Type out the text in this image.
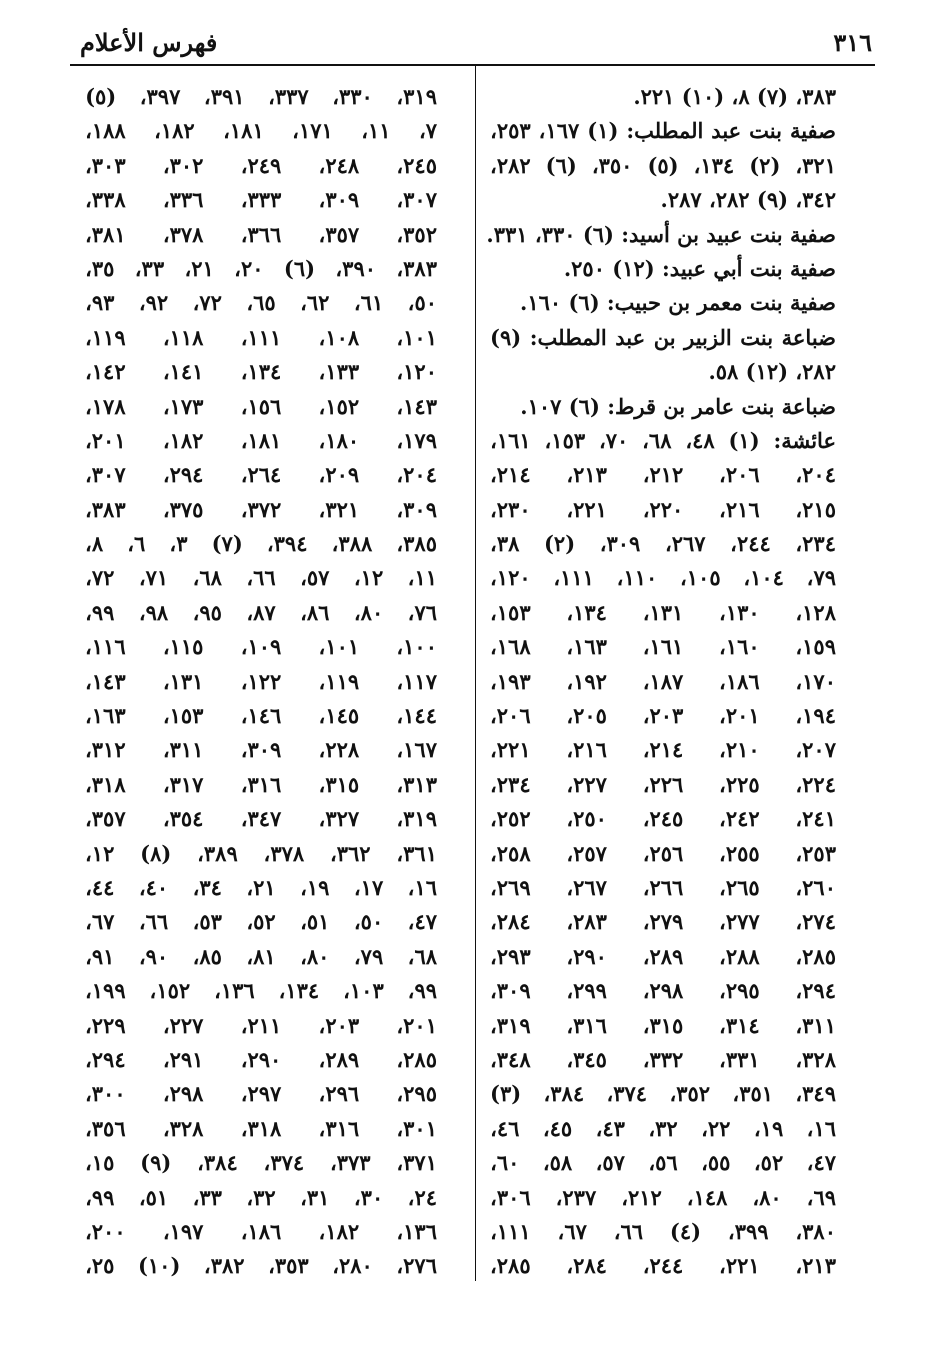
٣١٦
فهرس الأعلام
٣٨٣، (٧) ٨، (١٠) ٢٢١.
صفية
بنت
عبد
المطلب:
(١)
١٦٧،
٢٥٣،
٣٢١،
(٢)
١٣٤،
(٥)
٣٥٠،
(٦)
٢٨٢،
٣٤٢، (٩) ٢٨٢، ٢٨٧.
صفية بنت عبيد بن أسيد: (٦) ٣٣٠، ٣٣١.
صفية بنت أبي عبيد: (١٢) ٢٥٠.
صفية بنت معمر بن حبيب: (٦) ١٦٠.
ضباعة
بنت
الزبير
بن
عبد
المطلب:
(٩)
٢٨٢، (١٢) ٥٨.
ضباعة بنت عامر بن قرط: (٦) ١٠٧.
عائشة:
(١)
٤٨،
٦٨،
٧٠،
١٥٣،
١٦١،
٢٠٤،
٢٠٦،
٢١٢،
٢١٣،
٢١٤،
٢١٥،
٢١٦،
٢٢٠،
٢٢١،
٢٣٠،
٢٣٤،
٢٤٤،
٢٦٧،
٣٠٩،
(٢)
٣٨،
٧٩،
١٠٤،
١٠٥،
١١٠،
١١١،
١٢٠،
١٢٨،
١٣٠،
١٣١،
١٣٤،
١٥٣،
١٥٩،
١٦٠،
١٦١،
١٦٣،
١٦٨،
١٧٠،
١٨٦،
١٨٧،
١٩٢،
١٩٣،
١٩٤،
٢٠١،
٢٠٣،
٢٠٥،
٢٠٦،
٢٠٧،
٢١٠،
٢١٤،
٢١٦،
٢٢١،
٢٢٤،
٢٢٥،
٢٢٦،
٢٢٧،
٢٣٤،
٢٤١،
٢٤٢،
٢٤٥،
٢٥٠،
٢٥٢،
٢٥٣،
٢٥٥،
٢٥٦،
٢٥٧،
٢٥٨،
٢٦٠،
٢٦٥،
٢٦٦،
٢٦٧،
٢٦٩،
٢٧٤،
٢٧٧،
٢٧٩،
٢٨٣،
٢٨٤،
٢٨٥،
٢٨٨،
٢٨٩،
٢٩٠،
٢٩٣،
٢٩٤،
٢٩٥،
٢٩٨،
٢٩٩،
٣٠٩،
٣١١،
٣١٤،
٣١٥،
٣١٦،
٣١٩،
٣٢٨،
٣٣١،
٣٣٢،
٣٤٥،
٣٤٨،
٣٤٩،
٣٥١،
٣٥٢،
٣٧٤،
٣٨٤،
(٣)
١٦،
١٩،
٢٢،
٣٢،
٤٣،
٤٥،
٤٦،
٤٧،
٥٢،
٥٥،
٥٦،
٥٧،
٥٨،
٦٠،
٦٩،
٨٠،
١٤٨،
٢١٢،
٢٣٧،
٣٠٦،
٣٨٠،
٣٩٩،
(٤)
٦٦،
٦٧،
١١١،
٢١٣،
٢٢١،
٢٤٤،
٢٨٤،
٢٨٥،
٣١٩،
٣٣٠،
٣٣٧،
٣٩١،
٣٩٧،
(٥)
٧،
١١،
١٧١،
١٨١،
١٨٢،
١٨٨،
٢٤٥،
٢٤٨،
٢٤٩،
٣٠٢،
٣٠٣،
٣٠٧،
٣٠٩،
٣٣٣،
٣٣٦،
٣٣٨،
٣٥٢،
٣٥٧،
٣٦٦،
٣٧٨،
٣٨١،
٣٨٣،
٣٩٠،
(٦)
٢٠،
٢١،
٣٣،
٣٥،
٥٠،
٦١،
٦٢،
٦٥،
٧٢،
٩٢،
٩٣،
١٠١،
١٠٨،
١١١،
١١٨،
١١٩،
١٢٠،
١٣٣،
١٣٤،
١٤١،
١٤٢،
١٤٣،
١٥٢،
١٥٦،
١٧٣،
١٧٨،
١٧٩،
١٨٠،
١٨١،
١٨٢،
٢٠١،
٢٠٤،
٢٠٩،
٢٦٤،
٢٩٤،
٣٠٧،
٣٠٩،
٣٢١،
٣٧٢،
٣٧٥،
٣٨٣،
٣٨٥،
٣٨٨،
٣٩٤،
(٧)
٣،
٦،
٨،
١١،
١٢،
٥٧،
٦٦،
٦٨،
٧١،
٧٢،
٧٦،
٨٠،
٨٦،
٨٧،
٩٥،
٩٨،
٩٩،
١٠٠،
١٠١،
١٠٩،
١١٥،
١١٦،
١١٧،
١١٩،
١٢٢،
١٣١،
١٤٣،
١٤٤،
١٤٥،
١٤٦،
١٥٣،
١٦٣،
١٦٧،
٢٢٨،
٣٠٩،
٣١١،
٣١٢،
٣١٣،
٣١٥،
٣١٦،
٣١٧،
٣١٨،
٣١٩،
٣٢٧،
٣٤٧،
٣٥٤،
٣٥٧،
٣٦١،
٣٦٢،
٣٧٨،
٣٨٩،
(٨)
١٢،
١٦،
١٧،
١٩،
٢١،
٣٤،
٤٠،
٤٤،
٤٧،
٥٠،
٥١،
٥٢،
٥٣،
٦٦،
٦٧،
٦٨،
٧٩،
٨٠،
٨١،
٨٥،
٩٠،
٩١،
٩٩،
١٠٣،
١٣٤،
١٣٦،
١٥٢،
١٩٩،
٢٠١،
٢٠٣،
٢١١،
٢٢٧،
٢٢٩،
٢٨٥،
٢٨٩،
٢٩٠،
٢٩١،
٢٩٤،
٢٩٥،
٢٩٦،
٢٩٧،
٢٩٨،
٣٠٠،
٣٠١،
٣١٦،
٣١٨،
٣٢٨،
٣٥٦،
٣٧١،
٣٧٣،
٣٧٤،
٣٨٤،
(٩)
١٥،
٢٤،
٣٠،
٣١،
٣٢،
٣٣،
٥١،
٩٩،
١٣٦،
١٨٢،
١٨٦،
١٩٧،
٢٠٠،
٢٧٦،
٢٨٠،
٣٥٣،
٣٨٢،
(١٠)
٢٥،
